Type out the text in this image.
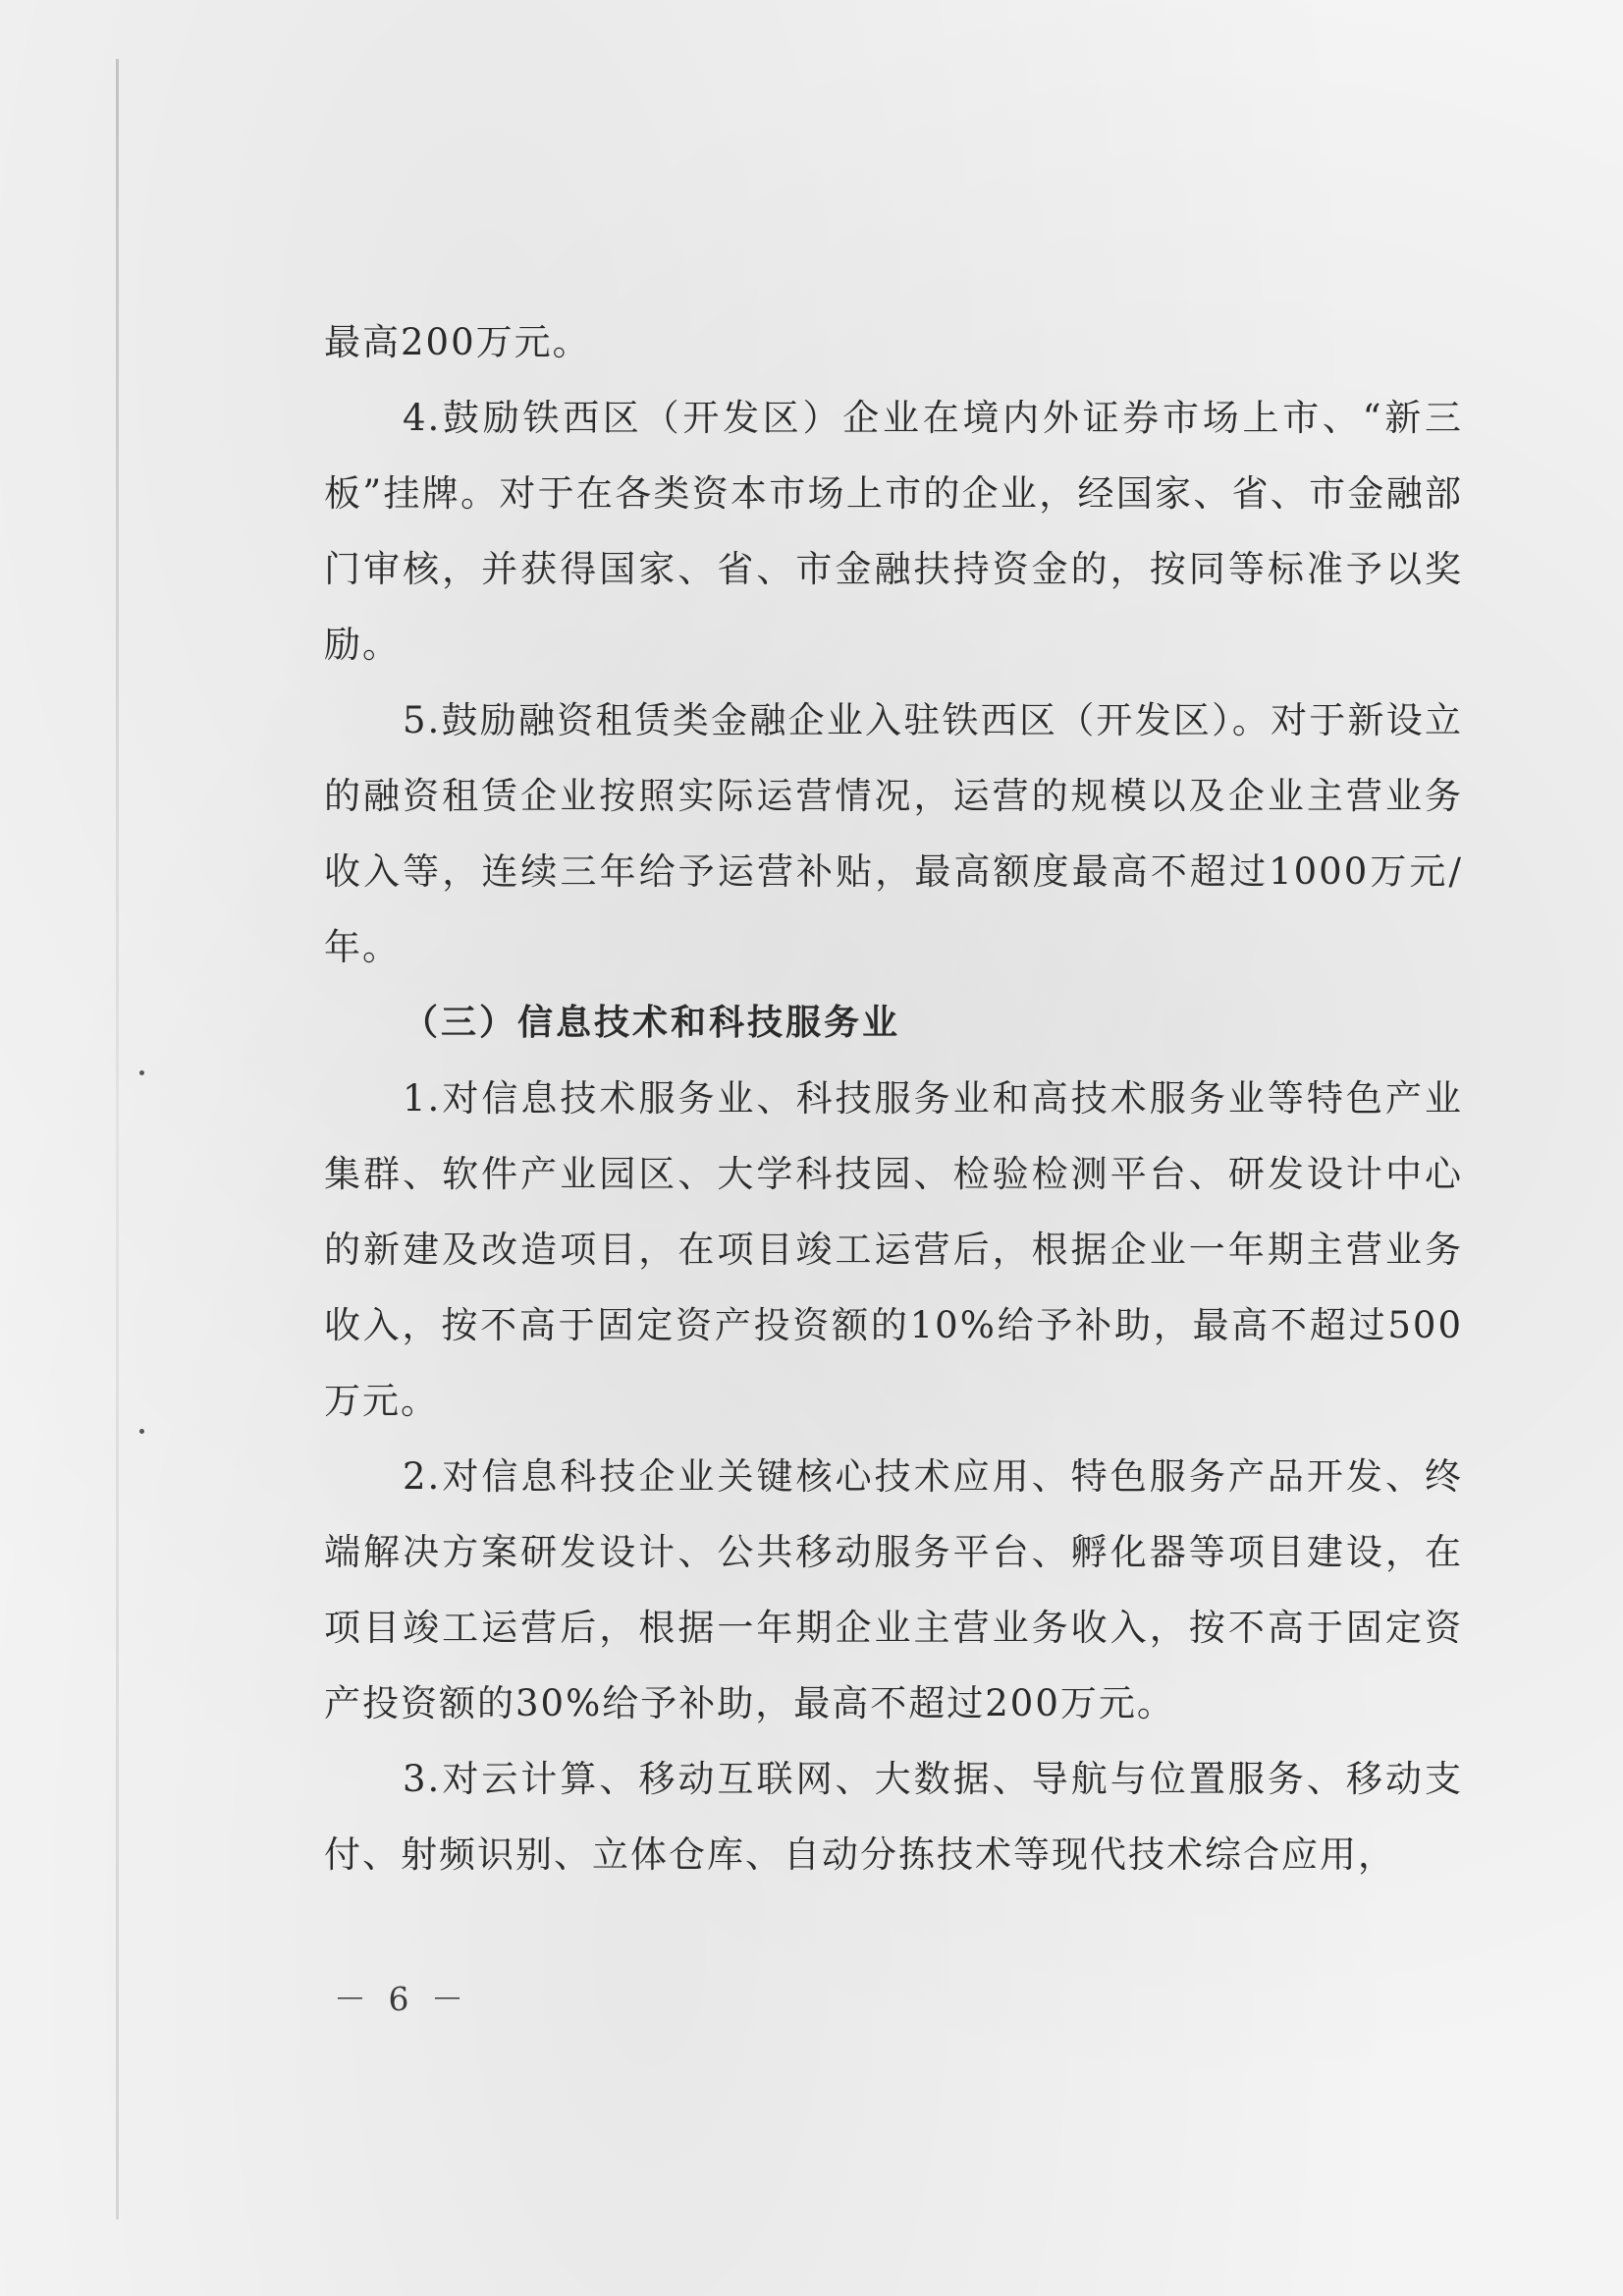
最高200万元。

4.鼓励铁西区（开发区）企业在境内外证券市场上市、“新三板”挂牌。对于在各类资本市场上市的企业，经国家、省、市金融部门审核，并获得国家、省、市金融扶持资金的，按同等标准予以奖励。

5.鼓励融资租赁类金融企业入驻铁西区（开发区）。对于新设立的融资租赁企业按照实际运营情况，运营的规模以及企业主营业务收入等，连续三年给予运营补贴，最高额度最高不超过1000万元/年。

（三）信息技术和科技服务业

1.对信息技术服务业、科技服务业和高技术服务业等特色产业集群、软件产业园区、大学科技园、检验检测平台、研发设计中心的新建及改造项目，在项目竣工运营后，根据企业一年期主营业务收入，按不高于固定资产投资额的10%给予补助，最高不超过500万元。

2.对信息科技企业关键核心技术应用、特色服务产品开发、终端解决方案研发设计、公共移动服务平台、孵化器等项目建设，在项目竣工运营后，根据一年期企业主营业务收入，按不高于固定资产投资额的30%给予补助，最高不超过200万元。

3.对云计算、移动互联网、大数据、导航与位置服务、移动支付、射频识别、立体仓库、自动分拣技术等现代技术综合应用，

－ 6 －
